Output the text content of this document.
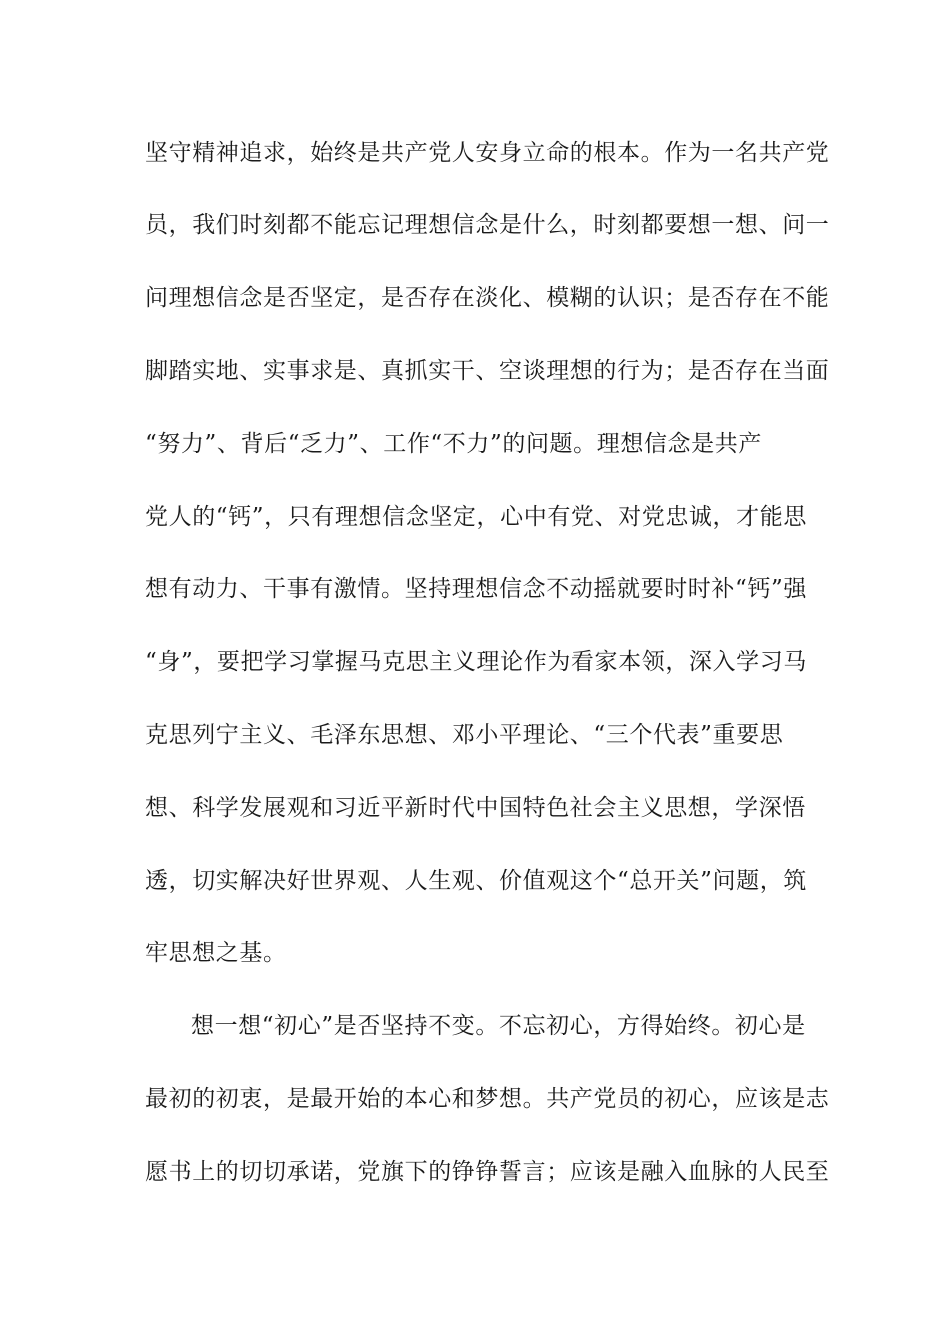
坚守精神追求，始终是共产党人安身立命的根本。作为一名共产党
员，我们时刻都不能忘记理想信念是什么，时刻都要想一想、问一
问理想信念是否坚定，是否存在淡化、模糊的认识；是否存在不能
脚踏实地、实事求是、真抓实干、空谈理想的行为；是否存在当面
“努力”、背后“乏力”、工作“不力”的问题。理想信念是共产
党人的“钙”，只有理想信念坚定，心中有党、对党忠诚，才能思
想有动力、干事有激情。坚持理想信念不动摇就要时时补“钙”强
“身”，要把学习掌握马克思主义理论作为看家本领，深入学习马
克思列宁主义、毛泽东思想、邓小平理论、“三个代表”重要思
想、科学发展观和习近平新时代中国特色社会主义思想，学深悟
透，切实解决好世界观、人生观、价值观这个“总开关”问题，筑
牢思想之基。
想一想“初心”是否坚持不变。不忘初心，方得始终。初心是
最初的初衷，是最开始的本心和梦想。共产党员的初心，应该是志
愿书上的切切承诺，党旗下的铮铮誓言；应该是融入血脉的人民至
